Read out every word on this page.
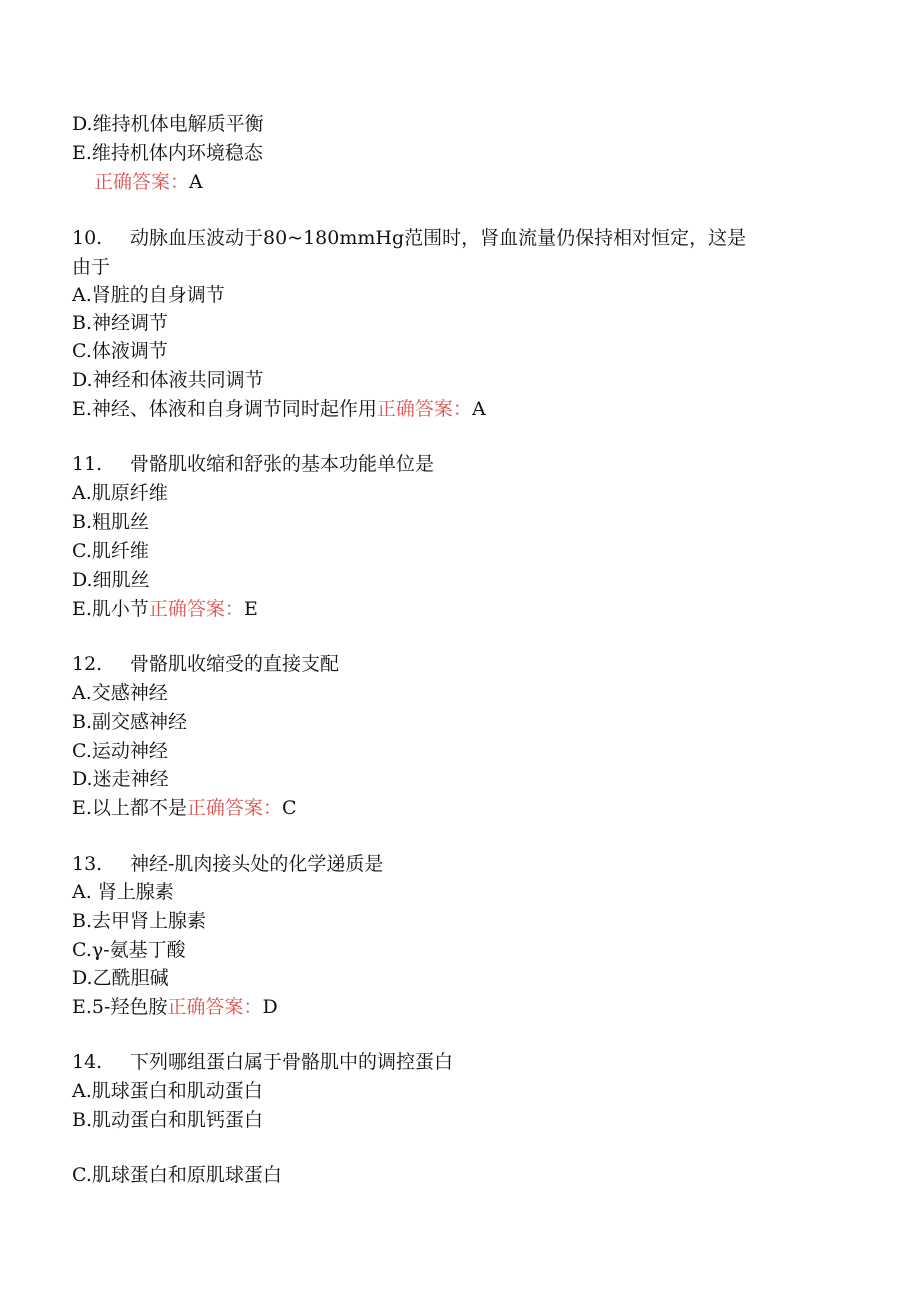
D.维持机体电解质平衡
E.维持机体内环境稳态
正确答案：A
10. 动脉血压波动于80~180mmHg范围时，肾血流量仍保持相对恒定，这是
由于
A.肾脏的自身调节
B.神经调节
C.体液调节
D.神经和体液共同调节
E.神经、体液和自身调节同时起作用正确答案：A
11. 骨骼肌收缩和舒张的基本功能单位是
A.肌原纤维
B.粗肌丝
C.肌纤维
D.细肌丝
E.肌小节正确答案：E
12. 骨骼肌收缩受的直接支配
A.交感神经
B.副交感神经
C.运动神经
D.迷走神经
E.以上都不是正确答案：C
13. 神经-肌肉接头处的化学递质是
A. 肾上腺素
B.去甲肾上腺素
C.γ-氨基丁酸
D.乙酰胆碱
E.5-羟色胺正确答案：D
14. 下列哪组蛋白属于骨骼肌中的调控蛋白
A.肌球蛋白和肌动蛋白
B.肌动蛋白和肌钙蛋白
C.肌球蛋白和原肌球蛋白
